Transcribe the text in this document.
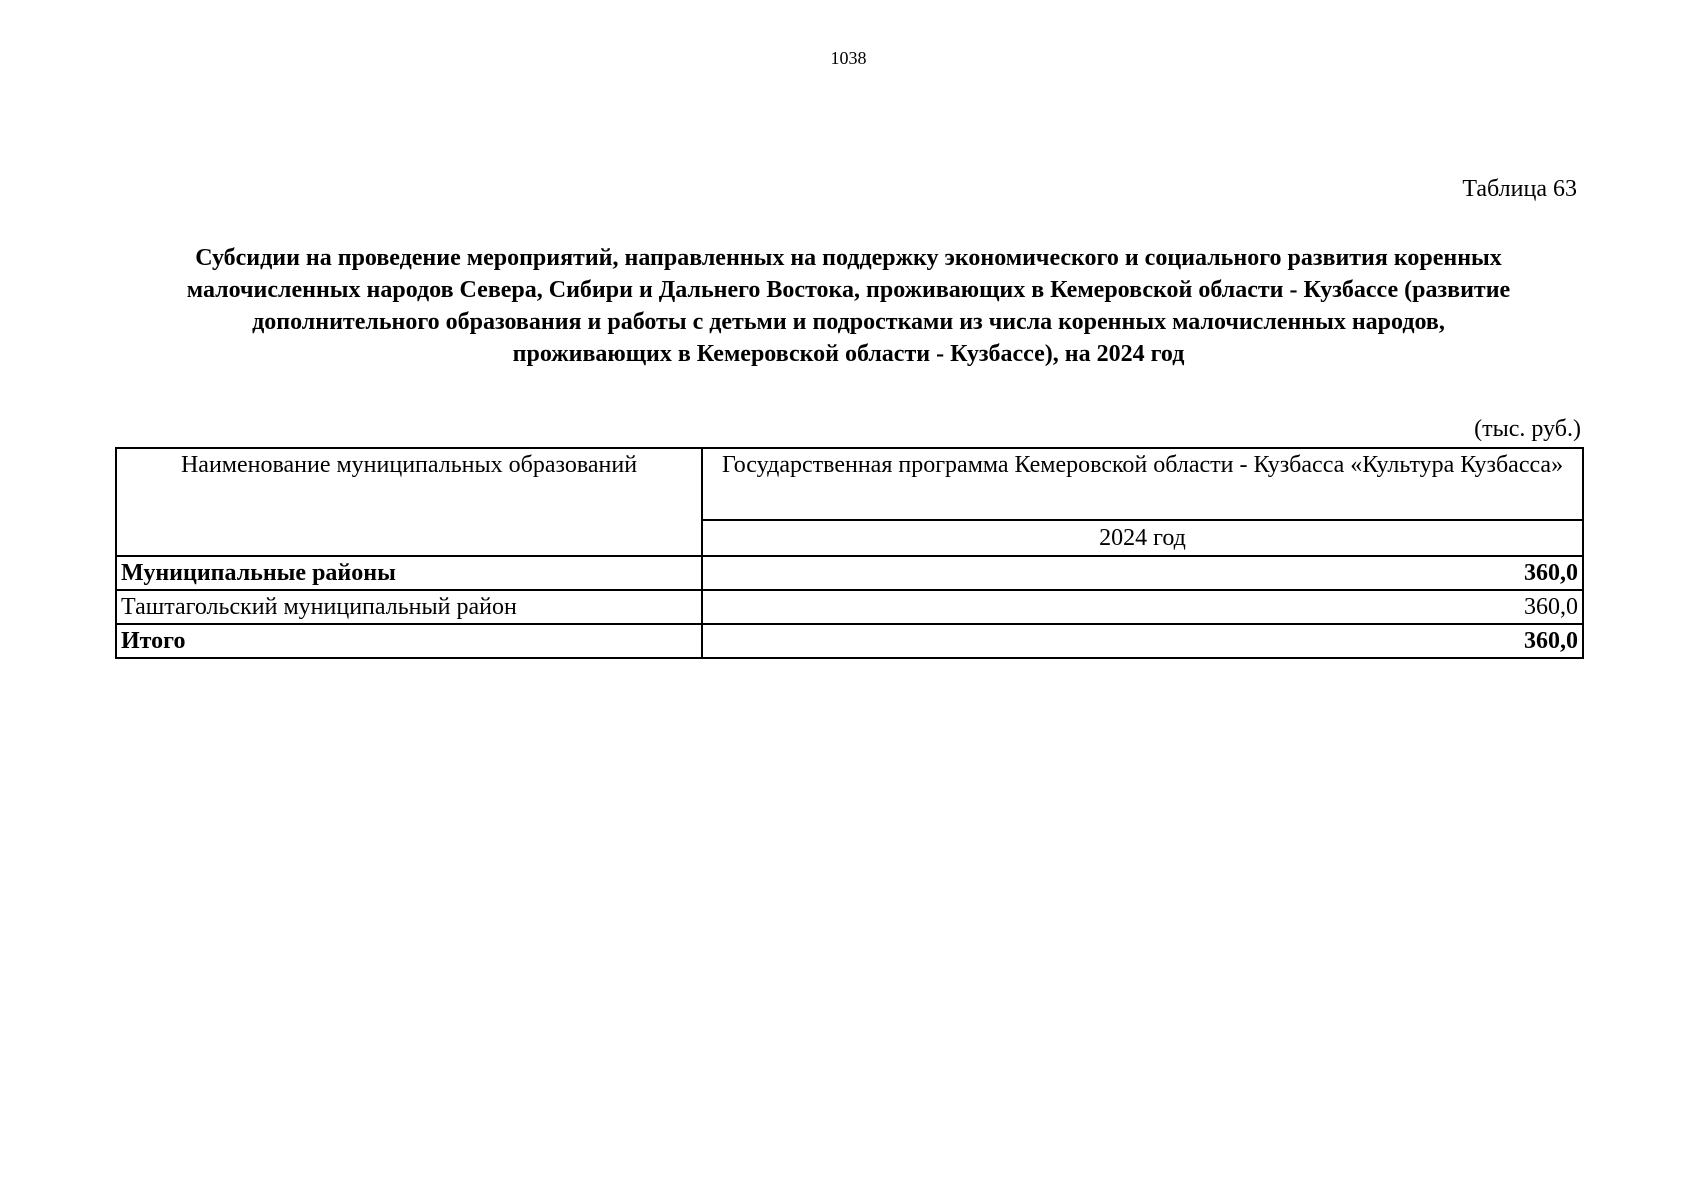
1038
Таблица 63
Субсидии на проведение мероприятий, направленных на поддержку экономического и социального развития коренных
малочисленных народов Севера, Сибири и Дальнего Востока, проживающих в Кемеровской области - Кузбассе (развитие
дополнительного образования и работы с детьми и подростками из числа коренных малочисленных народов,
проживающих в Кемеровской области - Кузбассе), на 2024 год
(тыс. руб.)
Наименование муниципальных образований	Государственная программа Кемеровской области - Кузбасса «Культура Кузбасса»
	2024 год
Муниципальные районы	360,0
Таштагольский муниципальный район	360,0
Итого	360,0
